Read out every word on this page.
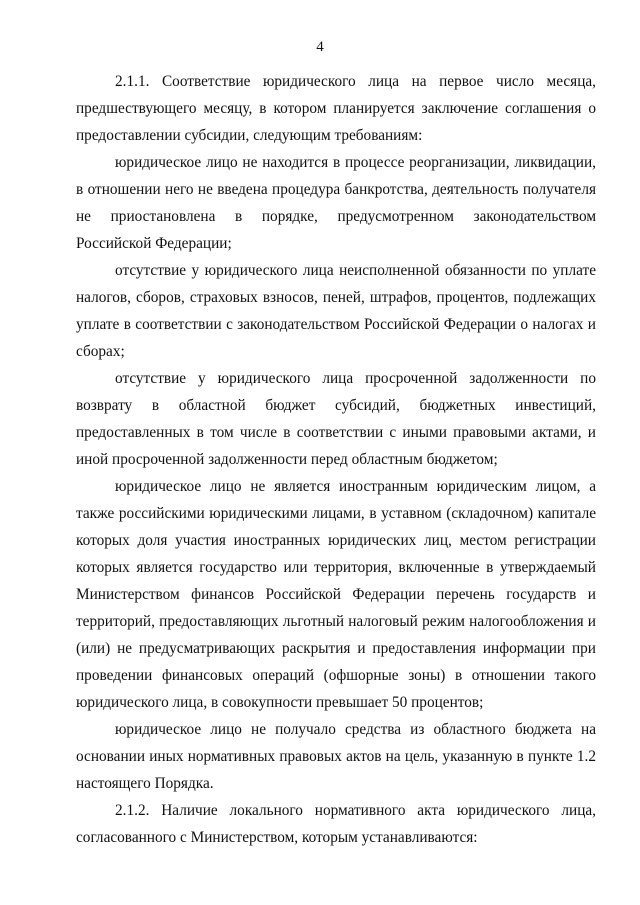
4

2.1.1. Соответствие юридического лица на первое число месяца, предшествующего месяцу, в котором планируется заключение соглашения о предоставлении субсидии, следующим требованиям:

юридическое лицо не находится в процессе реорганизации, ликвидации, в отношении него не введена процедура банкротства, деятельность получателя не приостановлена в порядке, предусмотренном законодательством Российской Федерации;

отсутствие у юридического лица неисполненной обязанности по уплате налогов, сборов, страховых взносов, пеней, штрафов, процентов, подлежащих уплате в соответствии с законодательством Российской Федерации о налогах и сборах;

отсутствие у юридического лица просроченной задолженности по возврату в областной бюджет субсидий, бюджетных инвестиций, предоставленных в том числе в соответствии с иными правовыми актами, и иной просроченной задолженности перед областным бюджетом;

юридическое лицо не является иностранным юридическим лицом, а также российскими юридическими лицами, в уставном (складочном) капитале которых доля участия иностранных юридических лиц, местом регистрации которых является государство или территория, включенные в утверждаемый Министерством финансов Российской Федерации перечень государств и территорий, предоставляющих льготный налоговый режим налогообложения и (или) не предусматривающих раскрытия и предоставления информации при проведении финансовых операций (офшорные зоны) в отношении такого юридического лица, в совокупности превышает 50 процентов;

юридическое лицо не получало средства из областного бюджета на основании иных нормативных правовых актов на цель, указанную в пункте 1.2 настоящего Порядка.

2.1.2. Наличие локального нормативного акта юридического лица, согласованного с Министерством, которым устанавливаются:
